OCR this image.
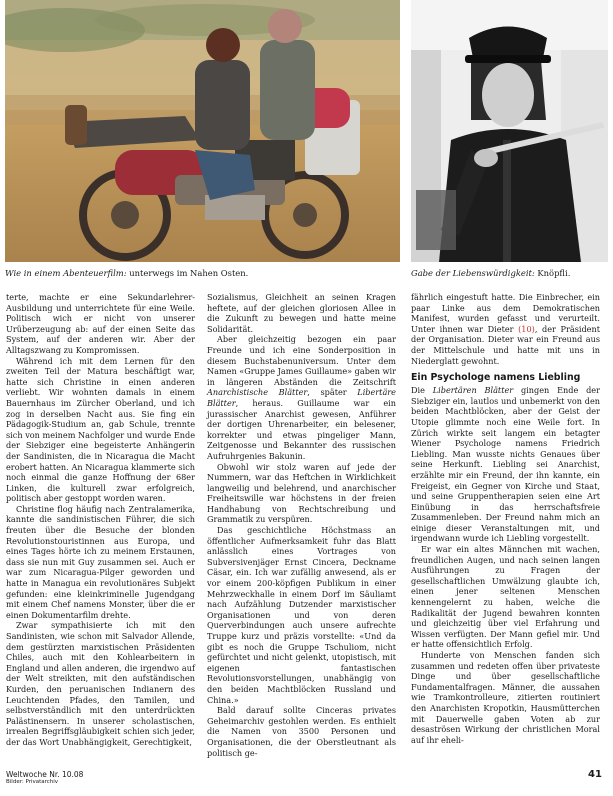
Wie in einem Abenteuerfilm: unterwegs im Nahen Osten.	Gabe der Liebenswürdigkeit: Knöpfli.

terte, machte er eine Sekundarlehrer-Ausbildung und unterrichtete für eine Weile. Politisch wich er nicht von unserer Urüberzeugung ab: auf der einen Seite das System, auf der anderen wir. Aber der Alltagszwang zu Kompromissen.

Während ich mit dem Lernen für den zweiten Teil der Matura beschäftigt war, hatte sich Christine in einen anderen verliebt. Wir wohnten damals in einem Bauernhaus im Zürcher Oberland, und ich zog in derselben Nacht aus. Sie fing ein Pädagogik-Studium an, gab Schule, trennte sich von meinem Nachfolger und wurde Ende der Siebziger eine begeisterte Anhängerin der Sandinisten, die in Nicaragua die Macht erobert hatten. An Nicaragua klammerte sich noch einmal die ganze Hoffnung der 68er Linken, die kulturell zwar erfolgreich, politisch aber gestoppt worden waren.

Christine flog häufig nach Zentralamerika, kannte die sandinistischen Führer, die sich freuten über die Besuche der blonden Revolutionstouristinnen aus Europa, und eines Tages hörte ich zu meinem Erstaunen, dass sie nun mit Guy zusammen sei. Auch er war zum Nicaragua-Pilger geworden und hatte in Managua ein revolutionäres Subjekt gefunden: eine kleinkriminelle Jugendgang mit einem Chef namens Monster, über die er einen Dokumentarfilm drehte.

Zwar sympathisierte ich mit den Sandinisten, wie schon mit Salvador Allende, dem gestürzten marxistischen Präsidenten Chiles, auch mit den Kohlearbeitern in England und allen anderen, die irgendwo auf der Welt streikten, mit den aufständischen Kurden, den peruanischen Indianern des Leuchtenden Pfades, den Tamilen, und selbstverständlich mit den unterdrückten Palästinensern. In unserer scholastischen, irrealen Begriffsgläubigkeit schien sich jeder, der das Wort Unabhängigkeit, Gerechtigkeit,

Sozialismus, Gleichheit an seinen Kragen heftete, auf der gleichen gloriosen Allee in die Zukunft zu bewegen und hatte meine Solidarität.

Aber gleichzeitig bezogen ein paar Freunde und ich eine Sonderposition in diesem Buchstabenuniversum. Unter dem Namen «Gruppe James Guillaume» gaben wir in längeren Abständen die Zeitschrift Anarchistische Blätter, später Libertäre Blätter, heraus. Guillaume war ein jurassischer Anarchist gewesen, Anführer der dortigen Uhrenarbeiter, ein belesener, korrekter und etwas pingeliger Mann, Zeitgenosse und Bekannter des russischen Aufruhrgenies Bakunin.

Obwohl wir stolz waren auf jede der Nummern, war das Heftchen in Wirklichkeit langweilig und belehrend, und anarchischer Freiheitswille war höchstens in der freien Handhabung von Rechtschreibung und Grammatik zu verspüren.

Das geschichtliche Höchstmass an öffentlicher Aufmerksamkeit fuhr das Blatt anlässlich eines Vortrages von Subversivenjäger Ernst Cincera, Deckname Cäsar, ein. Ich war zufällig anwesend, als er vor einem 200-köpfigen Publikum in einer Mehrzweckhalle in einem Dorf im Säuliamt nach Aufzählung Dutzender marxistischer Organisationen und von deren Querverbindungen auch unsere aufrechte Truppe kurz und präzis vorstellte: «Und da gibt es noch die Gruppe Tschuliom, nicht gefürchtet und nicht gelenkt, utopistisch, mit eigenen fantastischen Revolutionsvorstellungen, unabhängig von den beiden Machtblöcken Russland und China.»

Bald darauf sollte Cinceras privates Geheimarchiv gestohlen werden. Es enthielt die Namen von 3500 Personen und Organisationen, die der Oberstleutnant als politisch ge-

fährlich eingestuft hatte. Die Einbrecher, ein paar Linke aus dem Demokratischen Manifest, wurden gefasst und verurteilt. Unter ihnen war Dieter (10), der Präsident der Organisation. Dieter war ein Freund aus der Mittelschule und hatte mit uns in Niederglatt gewohnt.

Ein Psychologe namens Liebling

Die Libertären Blätter gingen Ende der Siebziger ein, lautlos und unbemerkt von den beiden Machtblöcken, aber der Geist der Utopie glimmte noch eine Weile fort. In Zürich wirkte seit langem ein betagter Wiener Psychologe namens Friedrich Liebling. Man wusste nichts Genaues über seine Herkunft. Liebling sei Anarchist, erzählte mir ein Freund, der ihn kannte, ein Freigeist, ein Gegner von Kirche und Staat, und seine Gruppentherapien seien eine Art Einübung in das herrschaftsfreie Zusammenleben. Der Freund nahm mich an einige dieser Veranstaltungen mit, und irgendwann wurde ich Liebling vorgestellt.

Er war ein altes Männchen mit wachen, freundlichen Augen, und nach seinen langen Ausführungen zu Fragen der gesellschaftlichen Umwälzung glaubte ich, einen jener seltenen Menschen kennengelernt zu haben, welche die Radikalität der Jugend bewahren konnten und gleichzeitig über viel Erfahrung und Wissen verfügten. Der Mann gefiel mir. Und er hatte offensichtlich Erfolg.

Hunderte von Menschen fanden sich zusammen und redeten offen über privateste Dinge und über gesellschaftliche Fundamentalfragen. Männer, die aussahen wie Tramkontrolleure, zitierten routiniert den Anarchisten Kropotkin, Hausmütterchen mit Dauerwelle gaben Voten ab zur desaströsen Wirkung der christlichen Moral auf ihr eheli-

Weltwoche Nr. 10.08
Bilder: Privatarchiv
41
